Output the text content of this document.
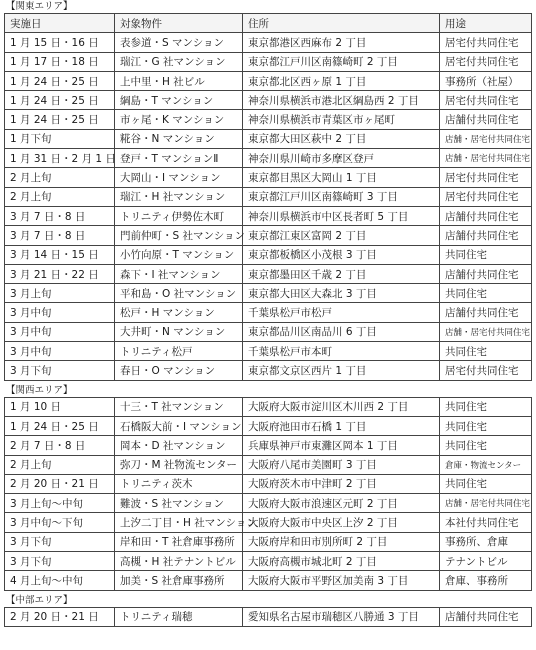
【関東エリア】
実施日	対象物件	住所	用途
1 月 15 日・16 日	表参道・S マンション	東京都港区西麻布 2 丁目	居宅付共同住宅
1 月 17 日・18 日	瑞江・G 社マンション	東京都江戸川区南篠崎町 2 丁目	居宅付共同住宅
1 月 24 日・25 日	上中里・H 社ビル	東京都北区西ヶ原 1 丁目	事務所（社屋）
1 月 24 日・25 日	綱島・T マンション	神奈川県横浜市港北区綱島西 2 丁目	居宅付共同住宅
1 月 24 日・25 日	市ヶ尾・K マンション	神奈川県横浜市青葉区市ヶ尾町	店舗付共同住宅
1 月下旬	糀谷・N マンション	東京都大田区萩中 2 丁目	店舗・居宅付共同住宅
1 月 31 日・2 月 1 日	登戸・T マンションⅡ	神奈川県川崎市多摩区登戸	店舗・居宅付共同住宅
2 月上旬	大岡山・I マンション	東京都目黒区大岡山 1 丁目	居宅付共同住宅
2 月上旬	瑞江・H 社マンション	東京都江戸川区南篠崎町 3 丁目	居宅付共同住宅
3 月 7 日・8 日	トリニティ伊勢佐木町	神奈川県横浜市中区長者町 5 丁目	店舗付共同住宅
3 月 7 日・8 日	門前仲町・S 社マンション	東京都江東区富岡 2 丁目	店舗付共同住宅
3 月 14 日・15 日	小竹向原・T マンション	東京都板橋区小茂根 3 丁目	共同住宅
3 月 21 日・22 日	森下・I 社マンション	東京都墨田区千歳 2 丁目	店舗付共同住宅
3 月上旬	平和島・O 社マンション	東京都大田区大森北 3 丁目	共同住宅
3 月中旬	松戸・H マンション	千葉県松戸市松戸	店舗付共同住宅
3 月中旬	大井町・N マンション	東京都品川区南品川 6 丁目	店舗・居宅付共同住宅
3 月中旬	トリニティ松戸	千葉県松戸市本町	共同住宅
3 月下旬	春日・O マンション	東京都文京区西片 1 丁目	居宅付共同住宅
【関西エリア】
1 月 10 日	十三・T 社マンション	大阪府大阪市淀川区木川西 2 丁目	共同住宅
1 月 24 日・25 日	石橋阪大前・I マンション	大阪府池田市石橋 1 丁目	共同住宅
2 月 7 日・8 日	岡本・D 社マンション	兵庫県神戸市東灘区岡本 1 丁目	共同住宅
2 月上旬	弥刀・M 社物流センター	大阪府八尾市美園町 3 丁目	倉庫・物流センター
2 月 20 日・21 日	トリニティ茨木	大阪府茨木市中津町 2 丁目	共同住宅
3 月上旬～中旬	難波・S 社マンション	大阪府大阪市浪速区元町 2 丁目	店舗・居宅付共同住宅
3 月中旬～下旬	上汐二丁目・H 社マンション	大阪府大阪市中央区上汐 2 丁目	本社付共同住宅
3 月下旬	岸和田・T 社倉庫事務所	大阪府岸和田市別所町 2 丁目	事務所、倉庫
3 月下旬	高槻・H 社テナントビル	大阪府高槻市城北町 2 丁目	テナントビル
4 月上旬～中旬	加美・S 社倉庫事務所	大阪府大阪市平野区加美南 3 丁目	倉庫、事務所
【中部エリア】
2 月 20 日・21 日	トリニティ瑞穂	愛知県名古屋市瑞穂区八勝通 3 丁目	店舗付共同住宅
